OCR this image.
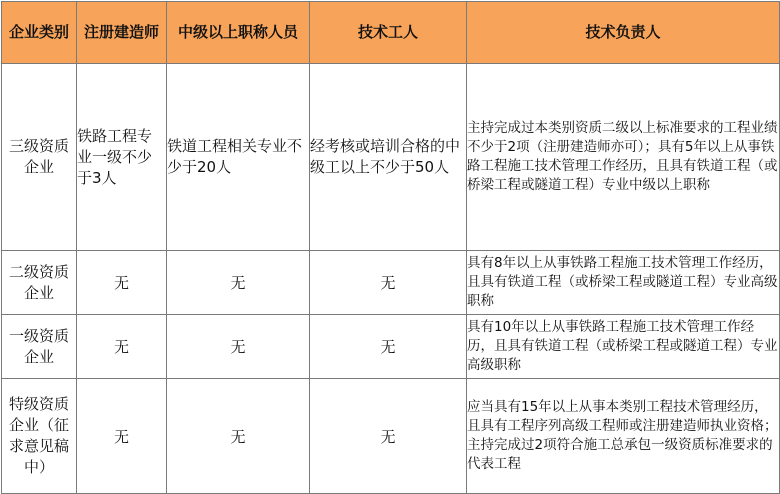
企业类别	注册建造师	中级以上职称人员	技术工人	技术负责人
三级资质企业	铁路工程专业一级不少于3人	铁道工程相关专业不少于20人	经考核或培训合格的中级工以上不少于50人	主持完成过本类别资质二级以上标准要求的工程业绩不少于2项（注册建造师亦可）；具有5年以上从事铁路工程施工技术管理工作经历，且具有铁道工程（或桥梁工程或隧道工程）专业中级以上职称
二级资质企业	无	无	无	具有8年以上从事铁路工程施工技术管理工作经历，且具有铁道工程（或桥梁工程或隧道工程）专业高级职称
一级资质企业	无	无	无	具有10年以上从事铁路工程施工技术管理工作经历，且具有铁道工程（或桥梁工程或隧道工程）专业高级职称
特级资质企业（征求意见稿中）	无	无	无	应当具有15年以上从事本类别工程技术管理经历，且具有工程序列高级工程师或注册建造师执业资格；主持完成过2项符合施工总承包一级资质标准要求的代表工程
